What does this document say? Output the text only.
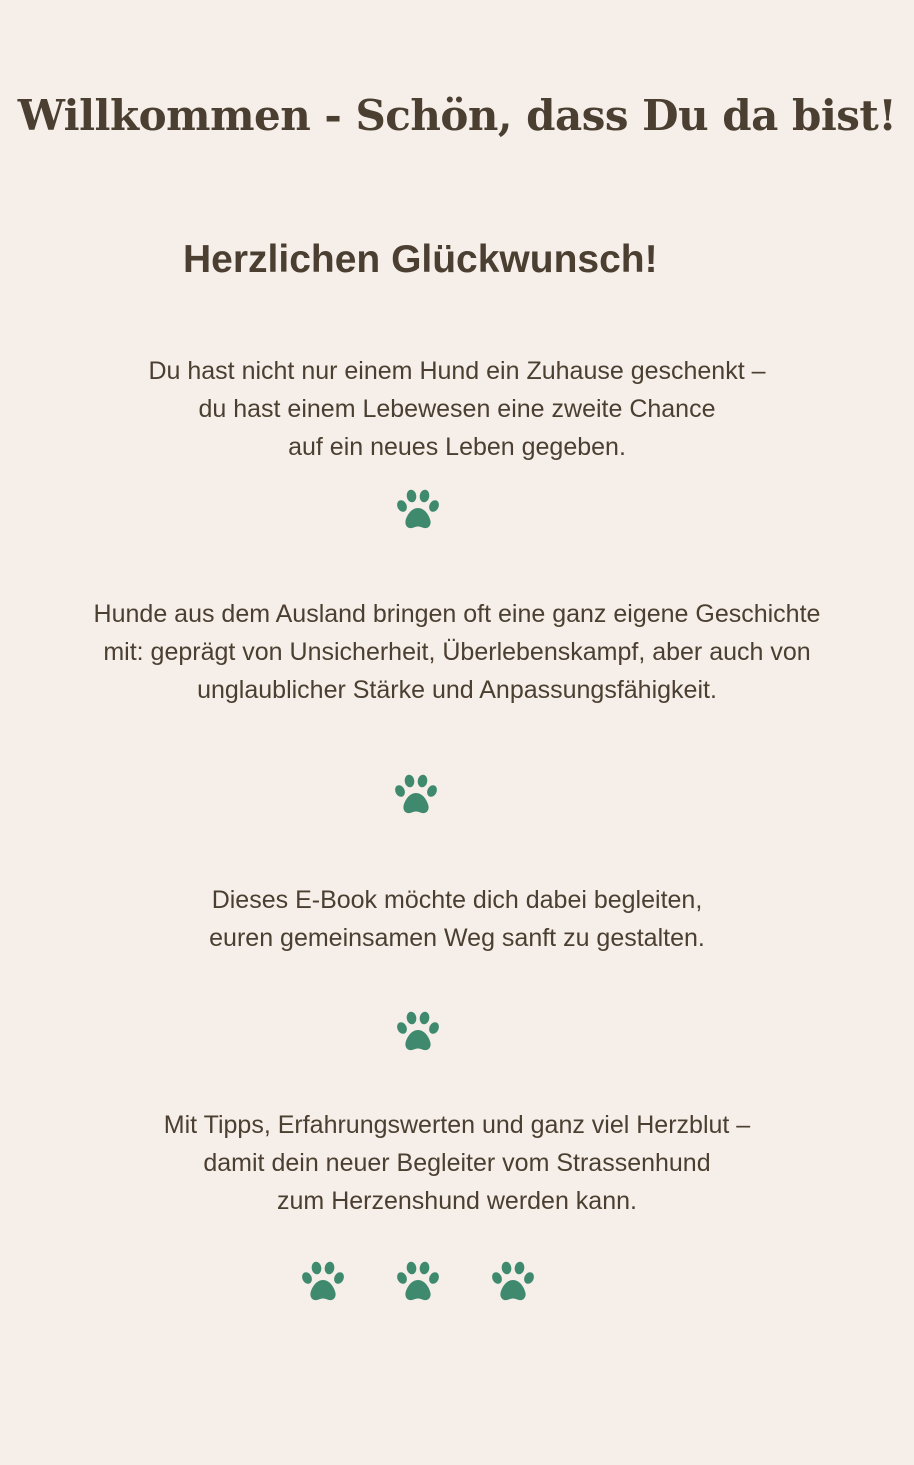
Willkommen - Schön, dass Du da bist!
Herzlichen Glückwunsch!

Du hast nicht nur einem Hund ein Zuhause geschenkt –
du hast einem Lebewesen eine zweite Chance
auf ein neues Leben gegeben.

Hunde aus dem Ausland bringen oft eine ganz eigene Geschichte
mit: geprägt von Unsicherheit, Überlebenskampf, aber auch von
unglaublicher Stärke und Anpassungsfähigkeit.

Dieses E-Book möchte dich dabei begleiten,
euren gemeinsamen Weg sanft zu gestalten.

Mit Tipps, Erfahrungswerten und ganz viel Herzblut –
damit dein neuer Begleiter vom Strassenhund
zum Herzenshund werden kann.
